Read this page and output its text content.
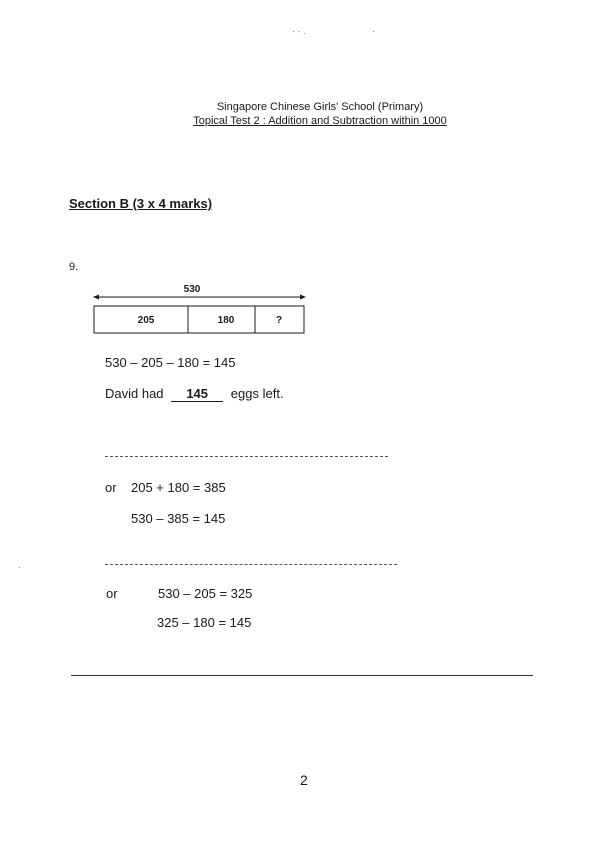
· · .	·
·
Singapore Chinese Girls' School (Primary)
Topical Test 2 : Addition and Subtraction within 1000
Section B (3 x 4 marks)
9.
530
205	180	?
530 – 205 – 180 = 145
David had 145 eggs left.
or 205 + 180 = 385
530 – 385 = 145
or	530 – 205 = 325
325 – 180 = 145
2
